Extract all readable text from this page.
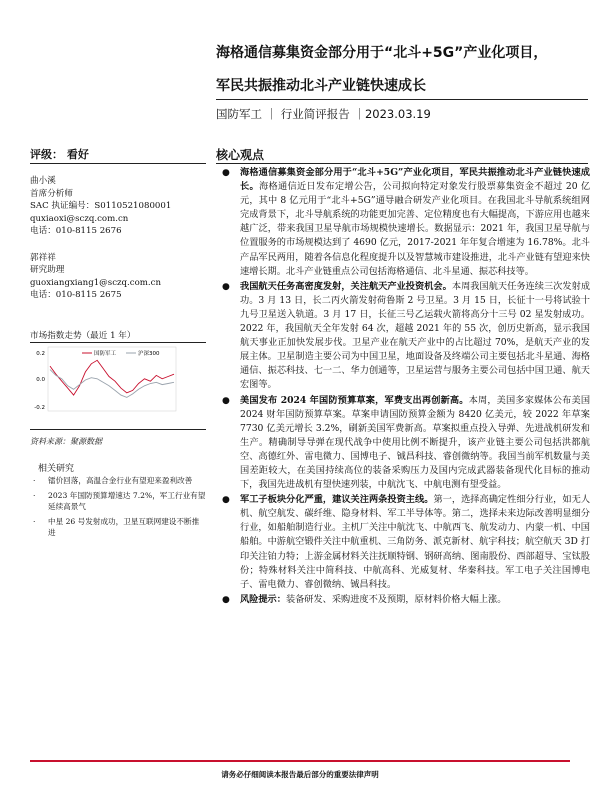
海格通信募集资金部分用于“北斗+5G”产业化项目，
军民共振推动北斗产业链快速成长
国防军工 ｜ 行业简评报告 ｜2023.03.19
评级： 看好	核心观点
曲小溪
首席分析师
SAC 执证编号：S0110521080001
quxiaoxi@sczq.com.cn
电话：010-8115 2676
郭祥祥
研究助理
guoxiangxiang1@sczq.com.cn
电话：010-8115 2675
市场指数走势（最近 1 年）
0.2
0.0
-0.2
国防军工	沪深300
资料来源：聚源数据
相关研究
· 镭价回落，高温合金行业有望迎来盈利改善
· 2023 年国防预算增速达 7.2%，军工行业有望延续高景气
· 中星 26 号发射成功，卫星互联网建设不断推进
● 海格通信募集资金部分用于“北斗+5G”产业化项目，军民共振推动北斗产业链快速成长。海格通信近日发布定增公告，公司拟向特定对象发行股票募集资金不超过 20 亿元，其中 8 亿元用于“北斗+5G”通导融合研发产业化项目。在我国北斗导航系统组网完成背景下，北斗导航系统的功能更加完善、定位精度也有大幅提高，下游应用也越来越广泛，带来我国卫星导航市场规模快速增长。数据显示：2021 年，我国卫星导航与位置服务的市场规模达到了 4690 亿元，2017-2021 年年复合增速为 16.78%。北斗产品军民两用，随着各信息化程度提升以及智慧城市建设推进，北斗产业链有望迎来快速增长期。北斗产业链重点公司包括海格通信、北斗星通、振芯科技等。
● 我国航天任务高密度发射，关注航天产业投资机会。本周我国航天任务连续三次发射成功。3 月 13 日，长二丙火箭发射荷鲁斯 2 号卫星。3 月 15 日，长征十一号将试验十九号卫星送入轨道。3 月 17 日，长征三号乙运载火箭将高分十三号 02 星发射成功。2022 年，我国航天全年发射 64 次，超越 2021 年的 55 次，创历史新高，显示我国航天事业正加快发展步伐。卫星产业在航天产业中的占比超过 70%，是航天产业的发展主体。卫星制造主要公司为中国卫星，地面设备及终端公司主要包括北斗星通、海格通信、振芯科技、七一二、华力创通等，卫星运营与服务主要公司包括中国卫通、航天宏图等。
● 美国发布 2024 年国防预算草案，军费支出再创新高。本周，美国多家媒体公布美国 2024 财年国防预算草案。草案申请国防预算金额为 8420 亿美元，较 2022 年草案 7730 亿美元增长 3.2%，刷新美国军费新高。草案拟重点投入导弹、先进战机研发和生产。精确制导导弹在现代战争中使用比例不断提升，该产业链主要公司包括洪都航空、高德红外、雷电微力、国博电子、铖昌科技、睿创微纳等。我国当前军机数量与美国差距较大，在美国持续高位的装备采购压力及国内完成武器装备现代化目标的推动下，我国先进战机有望快速列装，中航沈飞、中航电测有望受益。
● 军工子板块分化严重，建议关注两条投资主线。第一，选择高确定性细分行业，如无人机、航空航发、碳纤维、隐身材料、军工半导体等。第二，选择未来边际改善明显细分行业，如船舶制造行业。主机厂关注中航沈飞、中航西飞、航发动力、内蒙一机、中国船舶。中游航空锻件关注中航重机、三角防务、派克新材、航宇科技；航空航天 3D 打印关注铂力特；上游金属材料关注抚顺特钢、钢研高纳、图南股份、西部超导、宝钛股份；特殊材料关注中简科技、中航高科、光威复材、华秦科技。军工电子关注国博电子、雷电微力、睿创微纳、铖昌科技。
● 风险提示：装备研发、采购进度不及预期，原材料价格大幅上涨。
请务必仔细阅读本报告最后部分的重要法律声明
